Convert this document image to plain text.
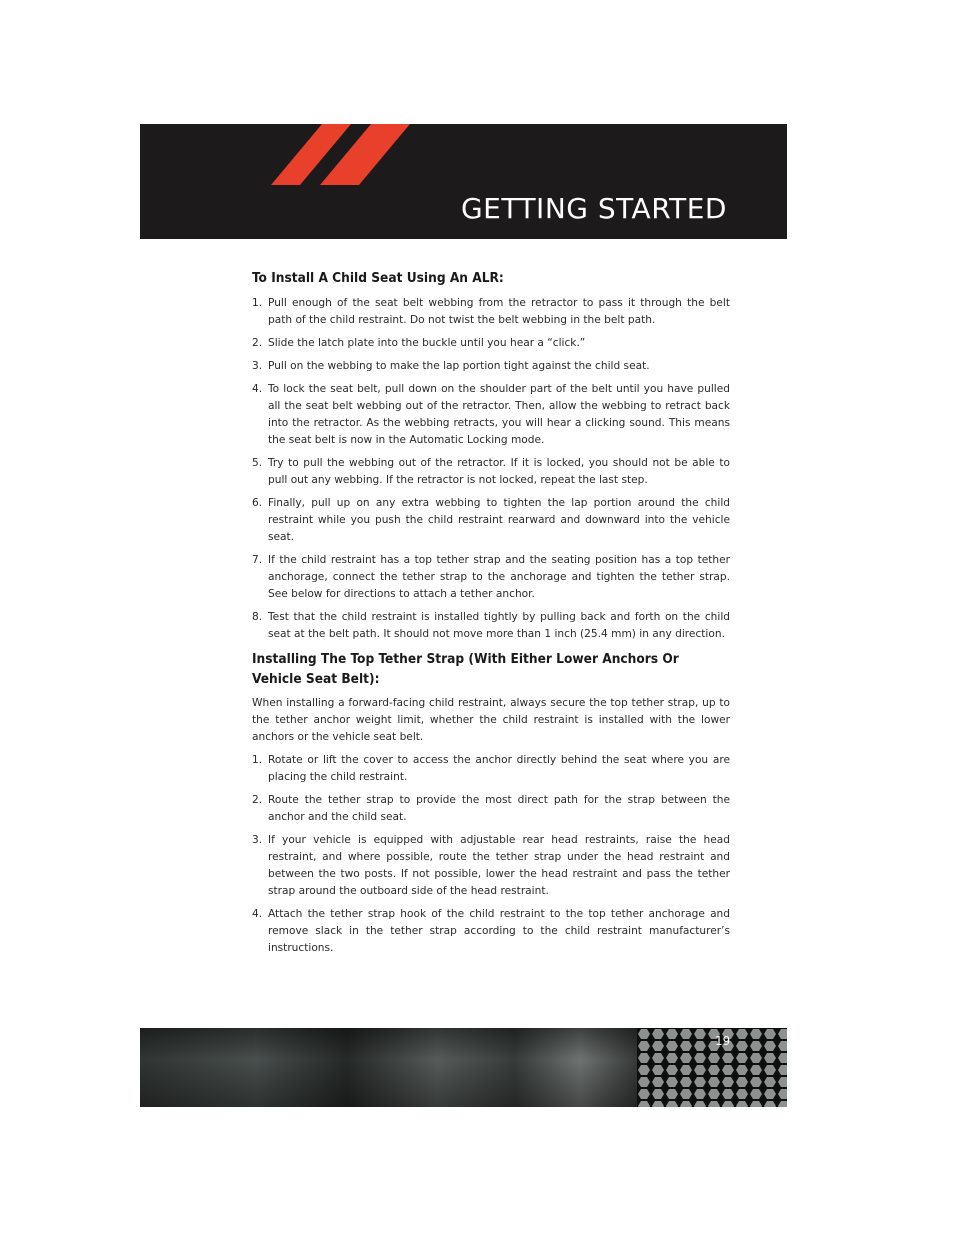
GETTING STARTED
To Install A Child Seat Using An ALR:
1. Pull enough of the seat belt webbing from the retractor to pass it through the belt path of the child restraint. Do not twist the belt webbing in the belt path.
2. Slide the latch plate into the buckle until you hear a “click.”
3. Pull on the webbing to make the lap portion tight against the child seat.
4. To lock the seat belt, pull down on the shoulder part of the belt until you have pulled all the seat belt webbing out of the retractor. Then, allow the webbing to retract back into the retractor. As the webbing retracts, you will hear a clicking sound. This means the seat belt is now in the Automatic Locking mode.
5. Try to pull the webbing out of the retractor. If it is locked, you should not be able to pull out any webbing. If the retractor is not locked, repeat the last step.
6. Finally, pull up on any extra webbing to tighten the lap portion around the child restraint while you push the child restraint rearward and downward into the vehicle seat.
7. If the child restraint has a top tether strap and the seating position has a top tether anchorage, connect the tether strap to the anchorage and tighten the tether strap. See below for directions to attach a tether anchor.
8. Test that the child restraint is installed tightly by pulling back and forth on the child seat at the belt path. It should not move more than 1 inch (25.4 mm) in any direction.
Installing The Top Tether Strap (With Either Lower Anchors Or Vehicle Seat Belt):

When installing a forward-facing child restraint, always secure the top tether strap, up to the tether anchor weight limit, whether the child restraint is installed with the lower anchors or the vehicle seat belt.

1. Rotate or lift the cover to access the anchor directly behind the seat where you are placing the child restraint.
2. Route the tether strap to provide the most direct path for the strap between the anchor and the child seat.
3. If your vehicle is equipped with adjustable rear head restraints, raise the head restraint, and where possible, route the tether strap under the head restraint and between the two posts. If not possible, lower the head restraint and pass the tether strap around the outboard side of the head restraint.
4. Attach the tether strap hook of the child restraint to the top tether anchorage and remove slack in the tether strap according to the child restraint manufacturer’s instructions.
19
